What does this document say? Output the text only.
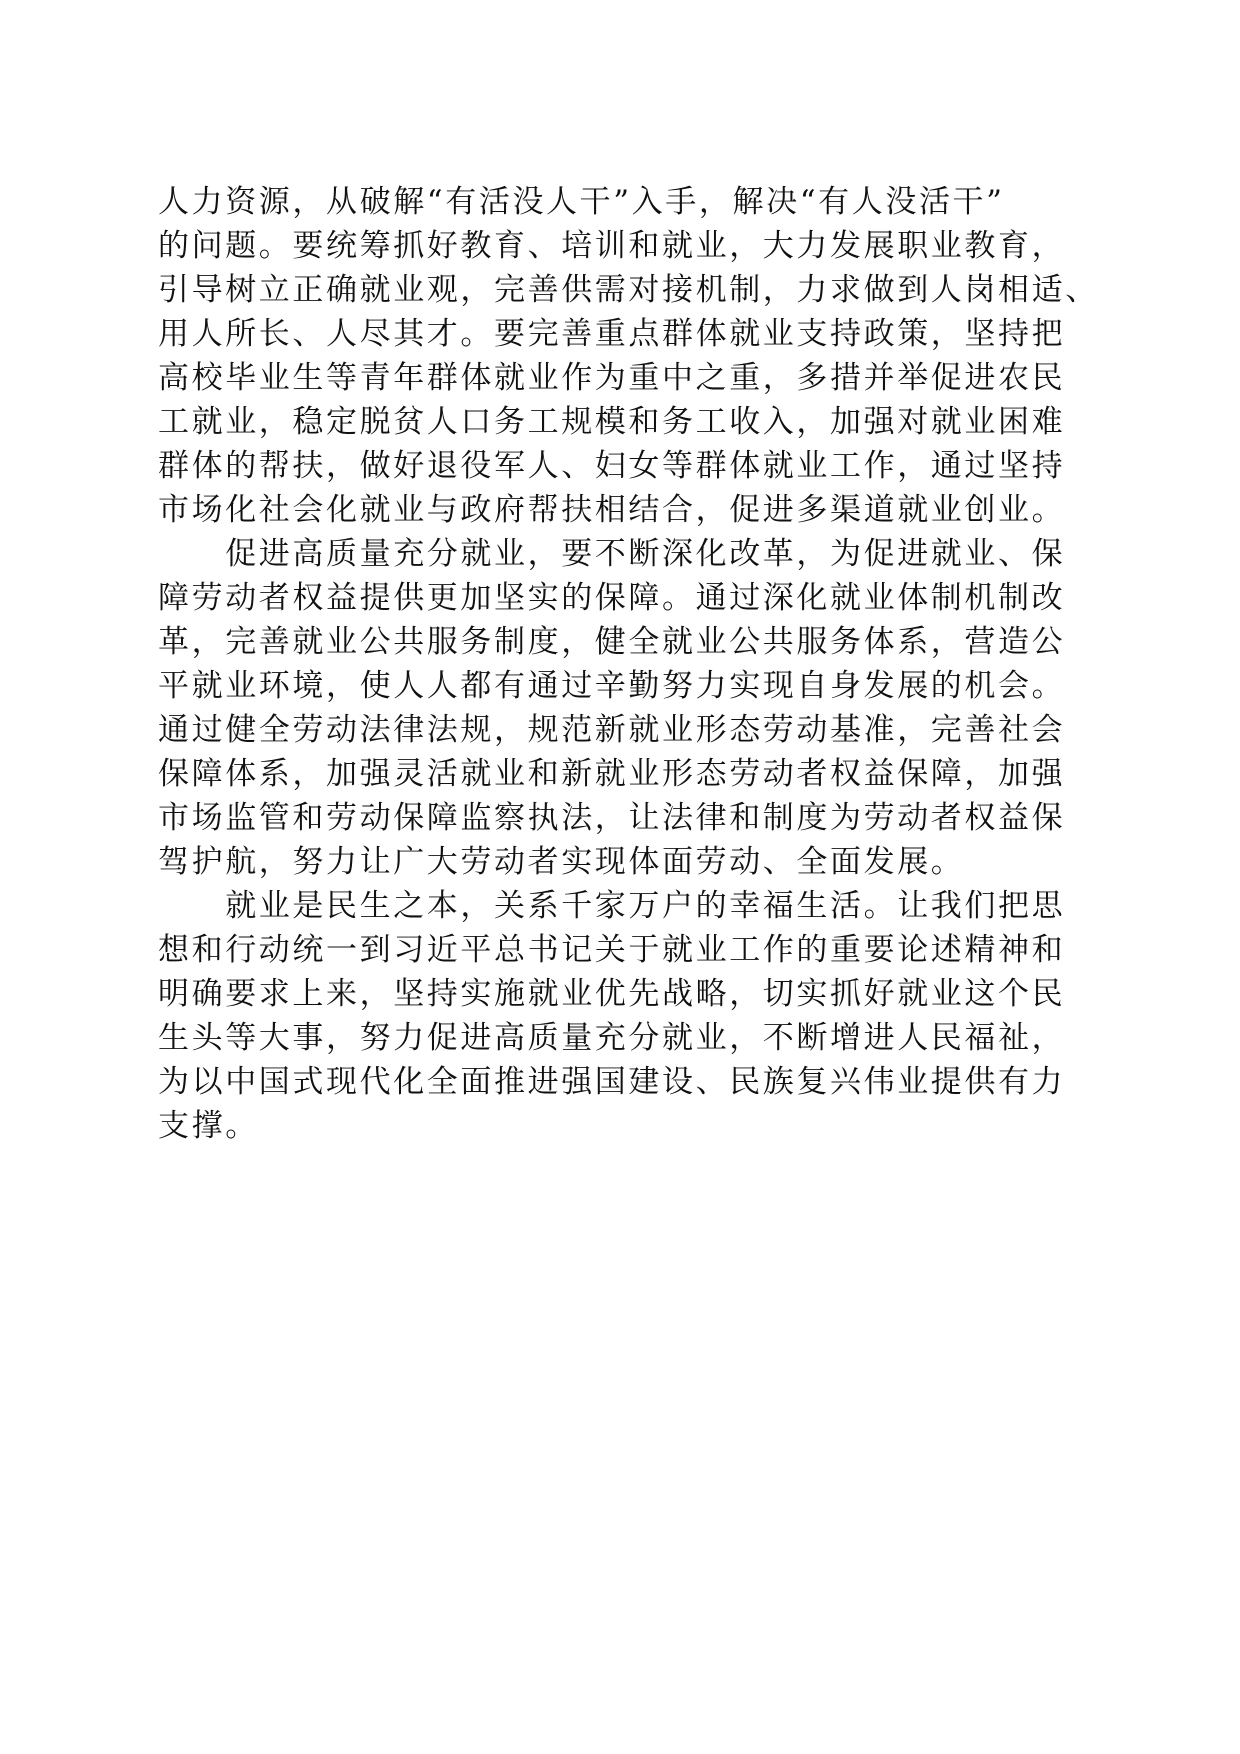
人力资源，从破解“有活没人干”入手，解决“有人没活干”
的问题。要统筹抓好教育、培训和就业，大力发展职业教育，
引导树立正确就业观，完善供需对接机制，力求做到人岗相适、
用人所长、人尽其才。要完善重点群体就业支持政策，坚持把
高校毕业生等青年群体就业作为重中之重，多措并举促进农民
工就业，稳定脱贫人口务工规模和务工收入，加强对就业困难
群体的帮扶，做好退役军人、妇女等群体就业工作，通过坚持
市场化社会化就业与政府帮扶相结合，促进多渠道就业创业。
　　促进高质量充分就业，要不断深化改革，为促进就业、保
障劳动者权益提供更加坚实的保障。通过深化就业体制机制改
革，完善就业公共服务制度，健全就业公共服务体系，营造公
平就业环境，使人人都有通过辛勤努力实现自身发展的机会。
通过健全劳动法律法规，规范新就业形态劳动基准，完善社会
保障体系，加强灵活就业和新就业形态劳动者权益保障，加强
市场监管和劳动保障监察执法，让法律和制度为劳动者权益保
驾护航，努力让广大劳动者实现体面劳动、全面发展。
　　就业是民生之本，关系千家万户的幸福生活。让我们把思
想和行动统一到习近平总书记关于就业工作的重要论述精神和
明确要求上来，坚持实施就业优先战略，切实抓好就业这个民
生头等大事，努力促进高质量充分就业，不断增进人民福祉，
为以中国式现代化全面推进强国建设、民族复兴伟业提供有力
支撑。
